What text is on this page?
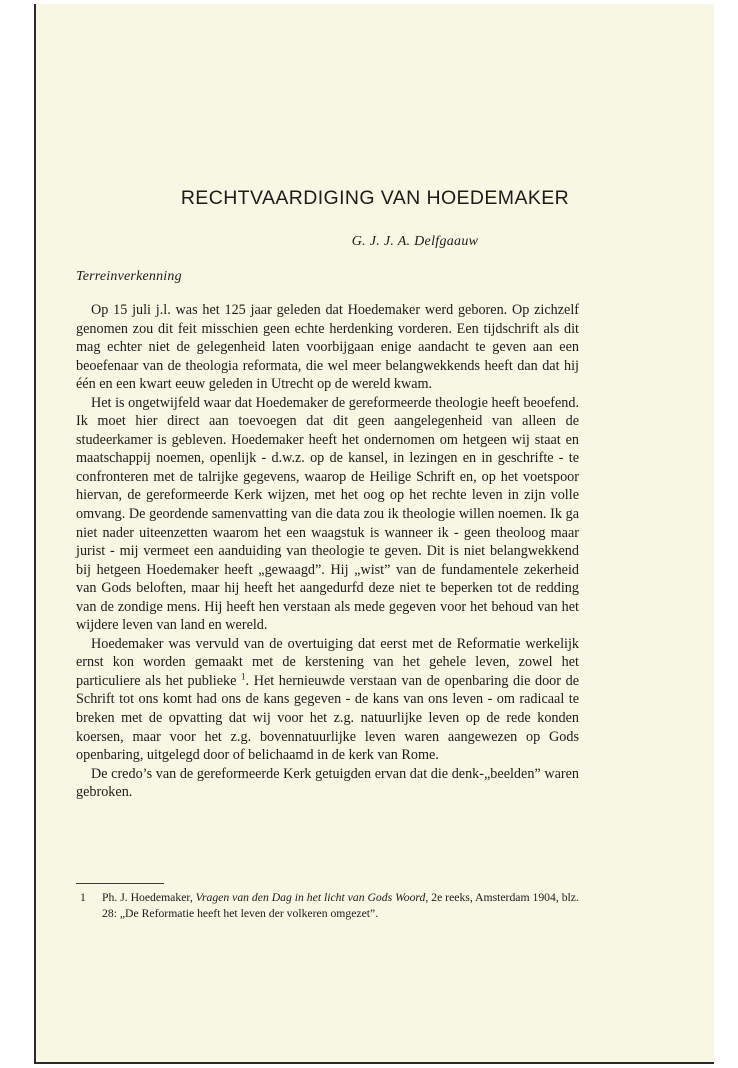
RECHTVAARDIGING VAN HOEDEMAKER
G. J. J. A. Delfgaauw
Terreinverkenning

Op 15 juli j.l. was het 125 jaar geleden dat Hoedemaker werd geboren. Op zichzelf genomen zou dit feit misschien geen echte herdenking vorderen. Een tijdschrift als dit mag echter niet de gelegenheid laten voorbijgaan enige aandacht te geven aan een beoefenaar van de theologia reformata, die wel meer belangwekkends heeft dan dat hij één en een kwart eeuw geleden in Utrecht op de wereld kwam.

Het is ongetwijfeld waar dat Hoedemaker de gereformeerde theologie heeft beoefend. Ik moet hier direct aan toevoegen dat dit geen aangelegenheid van alleen de studeerkamer is gebleven. Hoedemaker heeft het ondernomen om hetgeen wij staat en maatschappij noemen, openlijk - d.w.z. op de kansel, in lezingen en in geschrifte - te confronteren met de talrijke gegevens, waarop de Heilige Schrift en, op het voetspoor hiervan, de gereformeerde Kerk wijzen, met het oog op het rechte leven in zijn volle omvang. De geordende samenvatting van die data zou ik theologie willen noemen. Ik ga niet nader uiteenzetten waarom het een waagstuk is wanneer ik - geen theoloog maar jurist - mij vermeet een aanduiding van theologie te geven. Dit is niet belangwekkend bij hetgeen Hoedemaker heeft „gewaagd”. Hij „wist” van de fundamentele zekerheid van Gods beloften, maar hij heeft het aangedurfd deze niet te beperken tot de redding van de zondige mens. Hij heeft hen verstaan als mede gegeven voor het behoud van het wijdere leven van land en wereld.

Hoedemaker was vervuld van de overtuiging dat eerst met de Reformatie werkelijk ernst kon worden gemaakt met de kerstening van het gehele leven, zowel het particuliere als het publieke $^1$. Het hernieuwde verstaan van de openbaring die door de Schrift tot ons komt had ons de kans gegeven - de kans van ons leven - om radicaal te breken met de opvatting dat wij voor het z.g. natuurlijke leven op de rede konden koersen, maar voor het z.g. bovennatuurlijke leven waren aangewezen op Gods openbaring, uitgelegd door of belichaamd in de kerk van Rome.

De credo’s van de gereformeerde Kerk getuigden ervan dat die denk-„beelden” waren gebroken.

1 Ph. J. Hoedemaker, Vragen van den Dag in het licht van Gods Woord, 2e reeks, Amsterdam 1904, blz. 28: „De Reformatie heeft het leven der volkeren omgezet”.
